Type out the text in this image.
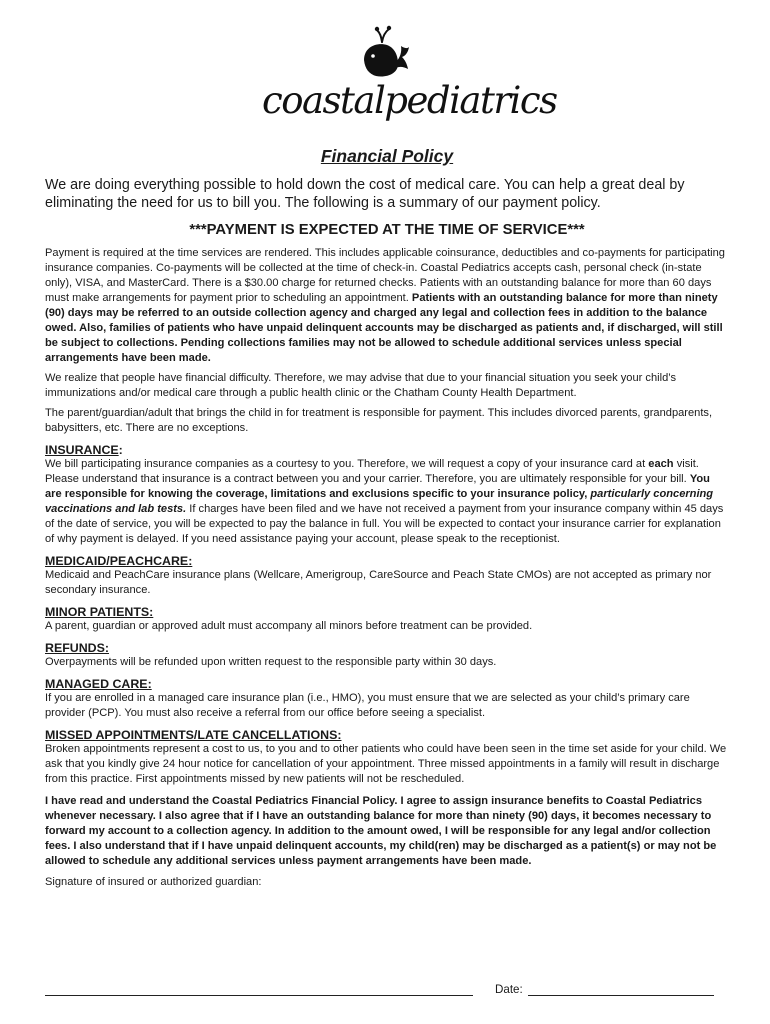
coastalpediatrics
Financial Policy

We are doing everything possible to hold down the cost of medical care. You can help a great deal by eliminating the need for us to bill you. The following is a summary of our payment policy.

***PAYMENT IS EXPECTED AT THE TIME OF SERVICE***

Payment is required at the time services are rendered. This includes applicable coinsurance, deductibles and co-payments for participating insurance companies. Co-payments will be collected at the time of check-in. Coastal Pediatrics accepts cash, personal check (in-state only), VISA, and MasterCard. There is a $30.00 charge for returned checks. Patients with an outstanding balance for more than 60 days must make arrangements for payment prior to scheduling an appointment. Patients with an outstanding balance for more than ninety (90) days may be referred to an outside collection agency and charged any legal and collection fees in addition to the balance owed. Also, families of patients who have unpaid delinquent accounts may be discharged as patients and, if discharged, will still be subject to collections. Pending collections families may not be allowed to schedule additional services unless special arrangements have been made.

We realize that people have financial difficulty. Therefore, we may advise that due to your financial situation you seek your child’s immunizations and/or medical care through a public health clinic or the Chatham County Health Department.

The parent/guardian/adult that brings the child in for treatment is responsible for payment. This includes divorced parents, grandparents, babysitters, etc. There are no exceptions.

INSURANCE:

We bill participating insurance companies as a courtesy to you. Therefore, we will request a copy of your insurance card at each visit. Please understand that insurance is a contract between you and your carrier. Therefore, you are ultimately responsible for your bill. You are responsible for knowing the coverage, limitations and exclusions specific to your insurance policy, particularly concerning vaccinations and lab tests. If charges have been filed and we have not received a payment from your insurance company within 45 days of the date of service, you will be expected to pay the balance in full. You will be expected to contact your insurance carrier for explanation of why payment is delayed. If you need assistance paying your account, please speak to the receptionist.

MEDICAID/PEACHCARE:

Medicaid and PeachCare insurance plans (Wellcare, Amerigroup, CareSource and Peach State CMOs) are not accepted as primary nor secondary insurance.

MINOR PATIENTS:

A parent, guardian or approved adult must accompany all minors before treatment can be provided.

REFUNDS:

Overpayments will be refunded upon written request to the responsible party within 30 days.

MANAGED CARE:

If you are enrolled in a managed care insurance plan (i.e., HMO), you must ensure that we are selected as your child’s primary care provider (PCP). You must also receive a referral from our office before seeing a specialist.

MISSED APPOINTMENTS/LATE CANCELLATIONS:

Broken appointments represent a cost to us, to you and to other patients who could have been seen in the time set aside for your child. We ask that you kindly give 24 hour notice for cancellation of your appointment. Three missed appointments in a family will result in discharge from this practice. First appointments missed by new patients will not be rescheduled.

I have read and understand the Coastal Pediatrics Financial Policy. I agree to assign insurance benefits to Coastal Pediatrics whenever necessary. I also agree that if I have an outstanding balance for more than ninety (90) days, it becomes necessary to forward my account to a collection agency. In addition to the amount owed, I will be responsible for any legal and/or collection fees. I also understand that if I have unpaid delinquent accounts, my child(ren) may be discharged as a patient(s) or may not be allowed to schedule any additional services unless payment arrangements have been made.

Signature of insured or authorized guardian:

Date:
